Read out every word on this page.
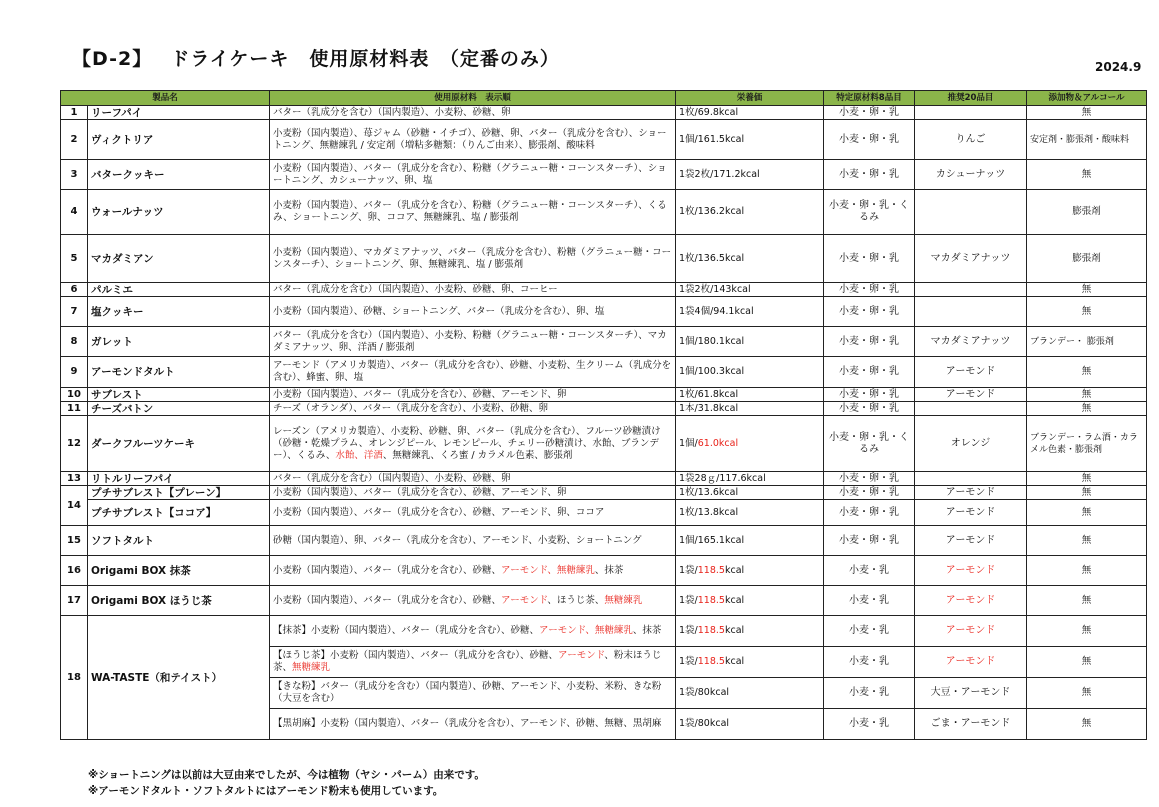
【D-2】　 ドライケーキ　使用原材料表　（定番のみ）	2024.9
製品名		使用原材料　表示順	栄養価	特定原材料8品目	推奨20品目	添加物＆アルコール
1	リーフパイ	バター（乳成分を含む）（国内製造）、小麦粉、砂糖、卵	1枚/69.8kcal	小麦・卵・乳		無
2	ヴィクトリア	小麦粉（国内製造）、苺ジャム（砂糖・イチゴ）、砂糖、卵、バター（乳成分を含む）、ショートニング、無糖練乳 / 安定剤（増粘多糖類：（りんご由来）、膨張剤、酸味料	1個/161.5kcal	小麦・卵・乳	りんご	安定剤・膨張剤・酸味料
3	バタークッキー	小麦粉（国内製造）、バター（乳成分を含む）、粉糖（グラニュー糖・コーンスターチ）、ショートニング、カシューナッツ、卵、塩	1袋2枚/171.2kcal	小麦・卵・乳	カシューナッツ	無
4	ウォールナッツ	小麦粉（国内製造）、バター（乳成分を含む）、粉糖（グラニュー糖・コーンスターチ）、くるみ、ショートニング、卵、ココア、無糖練乳、塩 / 膨張剤	1枚/136.2kcal	小麦・卵・乳・くるみ		膨張剤
5	マカダミアン	小麦粉（国内製造）、マカダミアナッツ、バター（乳成分を含む）、粉糖（グラニュー糖・コーンスターチ）、ショートニング、卵、無糖練乳、塩 / 膨張剤	1枚/136.5kcal	小麦・卵・乳	マカダミアナッツ	膨張剤
6	パルミエ	バター（乳成分を含む）（国内製造）、小麦粉、砂糖、卵、コーヒー	1袋2枚/143kcal	小麦・卵・乳		無
7	塩クッキー	小麦粉（国内製造）、砂糖、ショートニング、バター（乳成分を含む）、卵、塩	1袋4個/94.1kcal	小麦・卵・乳		無
8	ガレット	バター（乳成分を含む）（国内製造）、小麦粉、粉糖（グラニュー糖・コーンスターチ）、マカダミアナッツ、卵、洋酒 / 膨張剤	1個/180.1kcal	小麦・卵・乳	マカダミアナッツ	ブランデー・ 膨張剤
9	アーモンドタルト	アーモンド（アメリカ製造）、バター（乳成分を含む）、砂糖、小麦粉、生クリーム（乳成分を含む）、蜂蜜、卵、塩	1個/100.3kcal	小麦・卵・乳	アーモンド	無
10	サブレスト	小麦粉（国内製造）、バター（乳成分を含む）、砂糖、アーモンド、卵	1枚/61.8kcal	小麦・卵・乳	アーモンド	無
11	チーズバトン	チーズ（オランダ）、バター（乳成分を含む）、小麦粉、砂糖、卵	1本/31.8kcal	小麦・卵・乳		無
12	ダークフルーツケーキ	レーズン（アメリカ製造）、小麦粉、砂糖、卵、バター（乳成分を含む）、フルーツ砂糖漬け（砂糖・乾燥プラム、オレンジピール、レモンピール、チェリー砂糖漬け、水飴、ブランデー）、くるみ、水飴、洋酒、無糖練乳、くろ蜜 / カラメル色素、膨張剤	1個/61.0kcal	小麦・卵・乳・くるみ	オレンジ	ブランデー・ラム酒・カラメル色素・膨張剤
13	リトルリーフパイ	バター（乳成分を含む）（国内製造）、小麦粉、砂糖、卵	1袋28ｇ/117.6kcal	小麦・卵・乳		無
14	プチサブレスト【プレーン】	小麦粉（国内製造）、バター（乳成分を含む）、砂糖、アーモンド、卵	1枚/13.6kcal	小麦・卵・乳	アーモンド	無
	プチサブレスト【ココア】	小麦粉（国内製造）、バター（乳成分を含む）、砂糖、アーモンド、卵、ココア	1枚/13.8kcal	小麦・卵・乳	アーモンド	無
15	ソフトタルト	砂糖（国内製造）、卵、バター（乳成分を含む）、アーモンド、小麦粉、ショートニング	1個/165.1kcal	小麦・卵・乳	アーモンド	無
16	Origami BOX 抹茶	小麦粉（国内製造）、バター（乳成分を含む）、砂糖、アーモンド、無糖練乳、抹茶	1袋/118.5kcal	小麦・乳	アーモンド	無
17	Origami BOX ほうじ茶	小麦粉（国内製造）、バター（乳成分を含む）、砂糖、アーモンド、ほうじ茶、無糖練乳	1袋/118.5kcal	小麦・乳	アーモンド	無
18	WA-TASTE（和テイスト）	【抹茶】小麦粉（国内製造）、バター（乳成分を含む）、砂糖、アーモンド、無糖練乳、抹茶	1袋/118.5kcal	小麦・乳	アーモンド	無
		【ほうじ茶】小麦粉（国内製造）、バター（乳成分を含む）、砂糖、アーモンド、粉末ほうじ茶、無糖練乳	1袋/118.5kcal	小麦・乳	アーモンド	無
		【きな粉】バター（乳成分を含む）（国内製造）、砂糖、アーモンド、小麦粉、米粉、きな粉（大豆を含む）	1袋/80kcal	小麦・乳	大豆・アーモンド	無
		【黒胡麻】小麦粉（国内製造）、バター（乳成分を含む）、アーモンド、砂糖、無糖、黒胡麻	1袋/80kcal	小麦・乳	ごま・アーモンド	無
※ショートニングは以前は大豆由来でしたが、今は植物（ヤシ・パーム）由来です。
※アーモンドタルト・ソフトタルトにはアーモンド粉末も使用しています。
